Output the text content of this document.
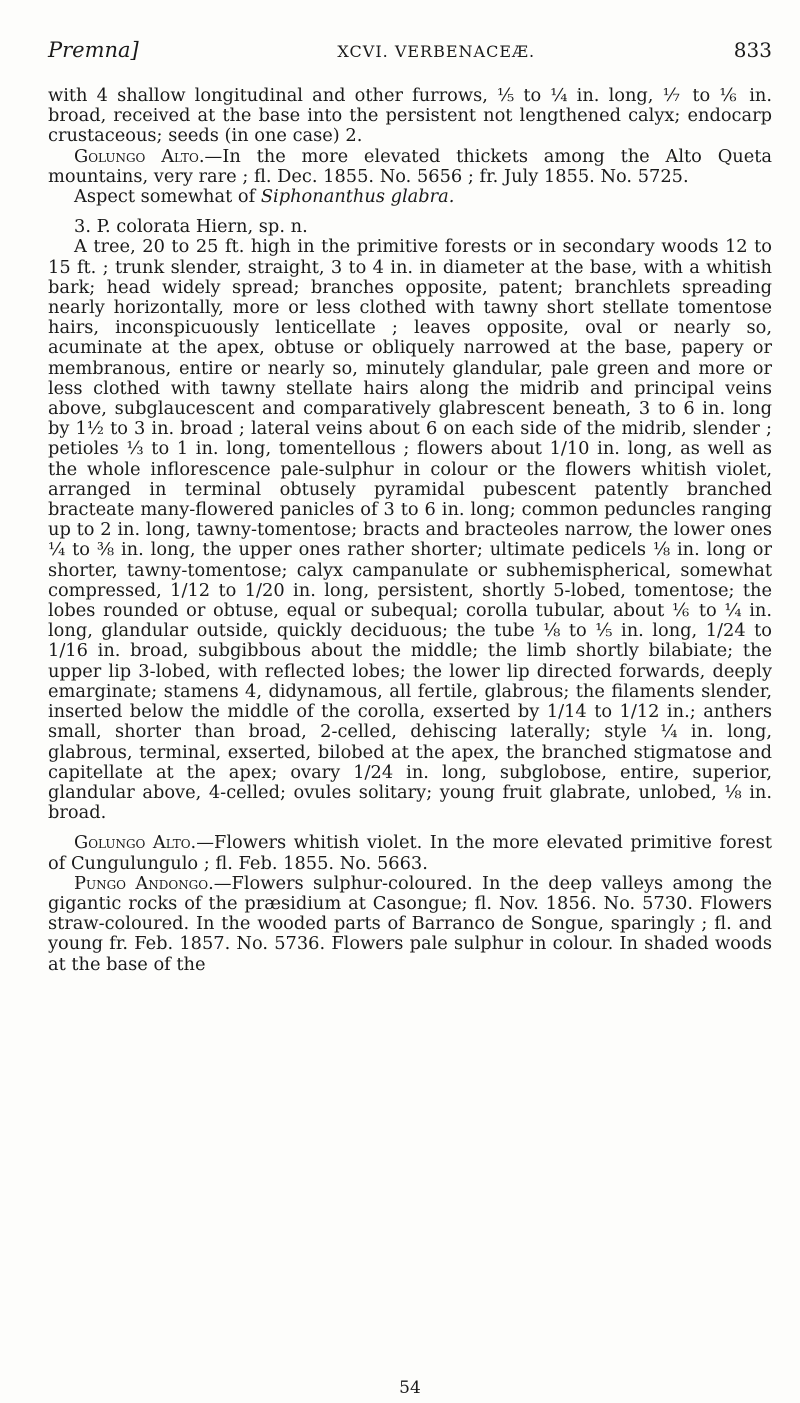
Premna]	XCVI. VERBENACEÆ.	833

with 4 shallow longitudinal and other furrows, ⅕ to ¼ in. long, ⅐ to ⅙ in. broad, received at the base into the persistent not lengthened calyx; endocarp crustaceous; seeds (in one case) 2.

Golungo Alto.—In the more elevated thickets among the Alto Queta mountains, very rare ; fl. Dec. 1855. No. 5656 ; fr. July 1855. No. 5725.

Aspect somewhat of Siphonanthus glabra.

3. P. colorata Hiern, sp. n.

A tree, 20 to 25 ft. high in the primitive forests or in secondary woods 12 to 15 ft. ; trunk slender, straight, 3 to 4 in. in diameter at the base, with a whitish bark; head widely spread; branches opposite, patent; branchlets spreading nearly horizontally, more or less clothed with tawny short stellate tomentose hairs, inconspicuously lenticellate ; leaves opposite, oval or nearly so, acuminate at the apex, obtuse or obliquely narrowed at the base, papery or membranous, entire or nearly so, minutely glandular, pale green and more or less clothed with tawny stellate hairs along the midrib and principal veins above, subglaucescent and comparatively glabrescent beneath, 3 to 6 in. long by 1½ to 3 in. broad ; lateral veins about 6 on each side of the midrib, slender ; petioles ⅓ to 1 in. long, tomentellous ; flowers about 1/10 in. long, as well as the whole inflorescence pale-sulphur in colour or the flowers whitish violet, arranged in terminal obtusely pyramidal pubescent patently branched bracteate many-flowered panicles of 3 to 6 in. long; common peduncles ranging up to 2 in. long, tawny-tomentose; bracts and bracteoles narrow, the lower ones ¼ to ⅜ in. long, the upper ones rather shorter; ultimate pedicels ⅛ in. long or shorter, tawny-tomentose; calyx campanulate or subhemispherical, somewhat compressed, 1/12 to 1/20 in. long, persistent, shortly 5-lobed, tomentose; the lobes rounded or obtuse, equal or subequal; corolla tubular, about ⅙ to ¼ in. long, glandular outside, quickly deciduous; the tube ⅛ to ⅕ in. long, 1/24 to 1/16 in. broad, subgibbous about the middle; the limb shortly bilabiate; the upper lip 3-lobed, with reflected lobes; the lower lip directed forwards, deeply emarginate; stamens 4, didynamous, all fertile, glabrous; the filaments slender, inserted below the middle of the corolla, exserted by 1/14 to 1/12 in.; anthers small, shorter than broad, 2-celled, dehiscing laterally; style ¼ in. long, glabrous, terminal, exserted, bilobed at the apex, the branched stigmatose and capitellate at the apex; ovary 1/24 in. long, subglobose, entire, superior, glandular above, 4-celled; ovules solitary; young fruit glabrate, unlobed, ⅛ in. broad.

Golungo Alto.—Flowers whitish violet. In the more elevated primitive forest of Cungulungulo ; fl. Feb. 1855. No. 5663.

Pungo Andongo.—Flowers sulphur-coloured. In the deep valleys among the gigantic rocks of the præsidium at Casongue; fl. Nov. 1856. No. 5730. Flowers straw-coloured. In the wooded parts of Barranco de Songue, sparingly ; fl. and young fr. Feb. 1857. No. 5736. Flowers pale sulphur in colour. In shaded woods at the base of the

54
